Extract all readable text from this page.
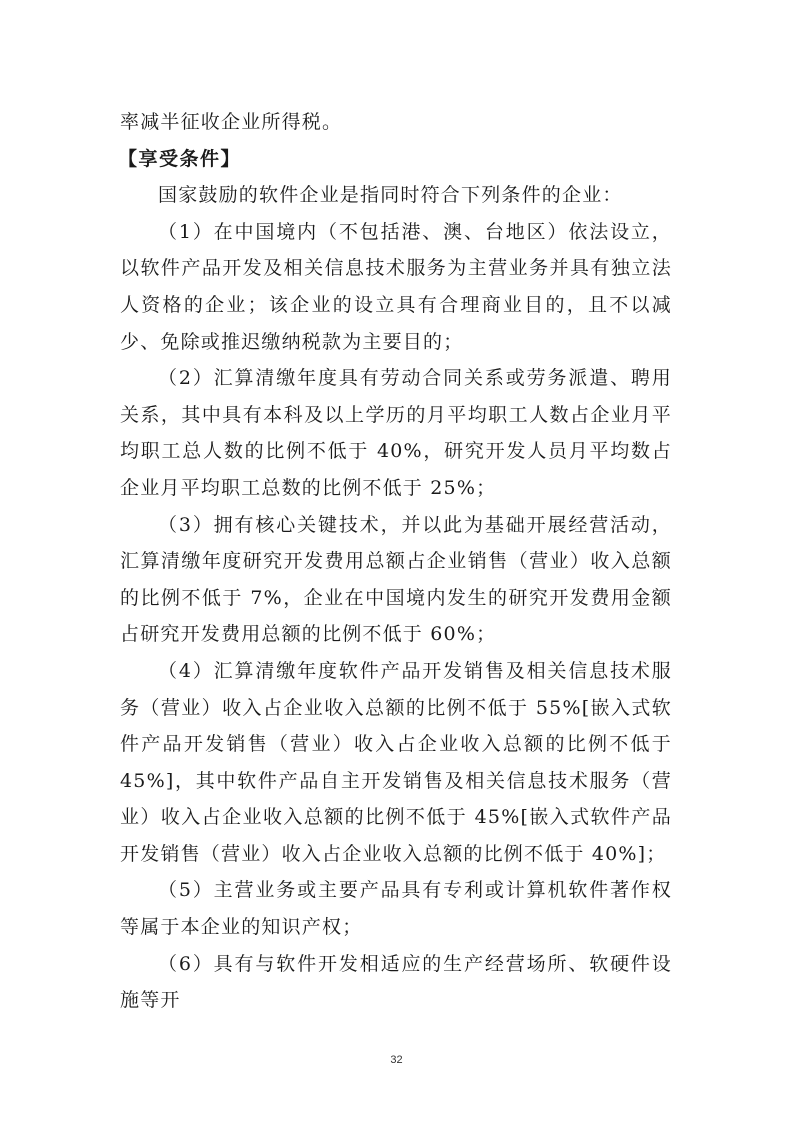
率减半征收企业所得税。

【享受条件】

国家鼓励的软件企业是指同时符合下列条件的企业：

（1）在中国境内（不包括港、澳、台地区）依法设立，以软件产品开发及相关信息技术服务为主营业务并具有独立法人资格的企业；该企业的设立具有合理商业目的，且不以减少、免除或推迟缴纳税款为主要目的；

（2）汇算清缴年度具有劳动合同关系或劳务派遣、聘用关系，其中具有本科及以上学历的月平均职工人数占企业月平均职工总人数的比例不低于 40%，研究开发人员月平均数占企业月平均职工总数的比例不低于 25%；

（3）拥有核心关键技术，并以此为基础开展经营活动，汇算清缴年度研究开发费用总额占企业销售（营业）收入总额的比例不低于 7%，企业在中国境内发生的研究开发费用金额占研究开发费用总额的比例不低于 60%；

（4）汇算清缴年度软件产品开发销售及相关信息技术服务（营业）收入占企业收入总额的比例不低于 55%[嵌入式软件产品开发销售（营业）收入占企业收入总额的比例不低于 45%]，其中软件产品自主开发销售及相关信息技术服务（营业）收入占企业收入总额的比例不低于 45%[嵌入式软件产品开发销售（营业）收入占企业收入总额的比例不低于 40%]；

（5）主营业务或主要产品具有专利或计算机软件著作权等属于本企业的知识产权；

（6）具有与软件开发相适应的生产经营场所、软硬件设施等开

32
